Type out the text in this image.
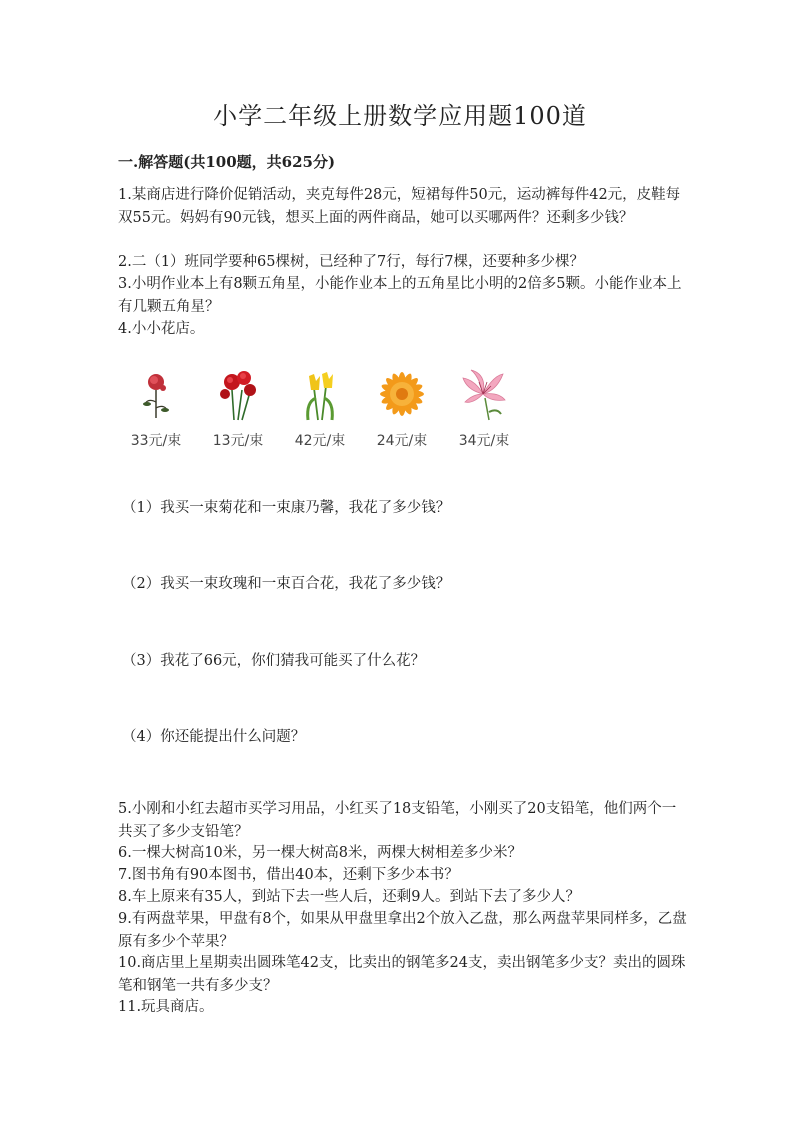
小学二年级上册数学应用题100道
一.解答题(共100题，共625分)
1.某商店进行降价促销活动，夹克每件28元，短裙每件50元，运动裤每件42元，皮鞋每双55元。妈妈有90元钱，想买上面的两件商品，她可以买哪两件？还剩多少钱？
2.二（1）班同学要种65棵树，已经种了7行，每行7棵，还要种多少棵？
3.小明作业本上有8颗五角星，小能作业本上的五角星比小明的2倍多5颗。小能作业本上有几颗五角星？
4.小小花店。
33元/束	13元/束	42元/束	24元/束	34元/束
（1）我买一束菊花和一束康乃馨，我花了多少钱？
（2）我买一束玫瑰和一束百合花，我花了多少钱？
（3）我花了66元，你们猜我可能买了什么花？
（4）你还能提出什么问题？
5.小刚和小红去超市买学习用品，小红买了18支铅笔，小刚买了20支铅笔，他们两个一共买了多少支铅笔？
6.一棵大树高10米，另一棵大树高8米，两棵大树相差多少米？
7.图书角有90本图书，借出40本，还剩下多少本书？
8.车上原来有35人，到站下去一些人后，还剩9人。到站下去了多少人？
9.有两盘苹果，甲盘有8个，如果从甲盘里拿出2个放入乙盘，那么两盘苹果同样多，乙盘原有多少个苹果？
10.商店里上星期卖出圆珠笔42支，比卖出的钢笔多24支，卖出钢笔多少支？卖出的圆珠笔和钢笔一共有多少支？
11.玩具商店。
